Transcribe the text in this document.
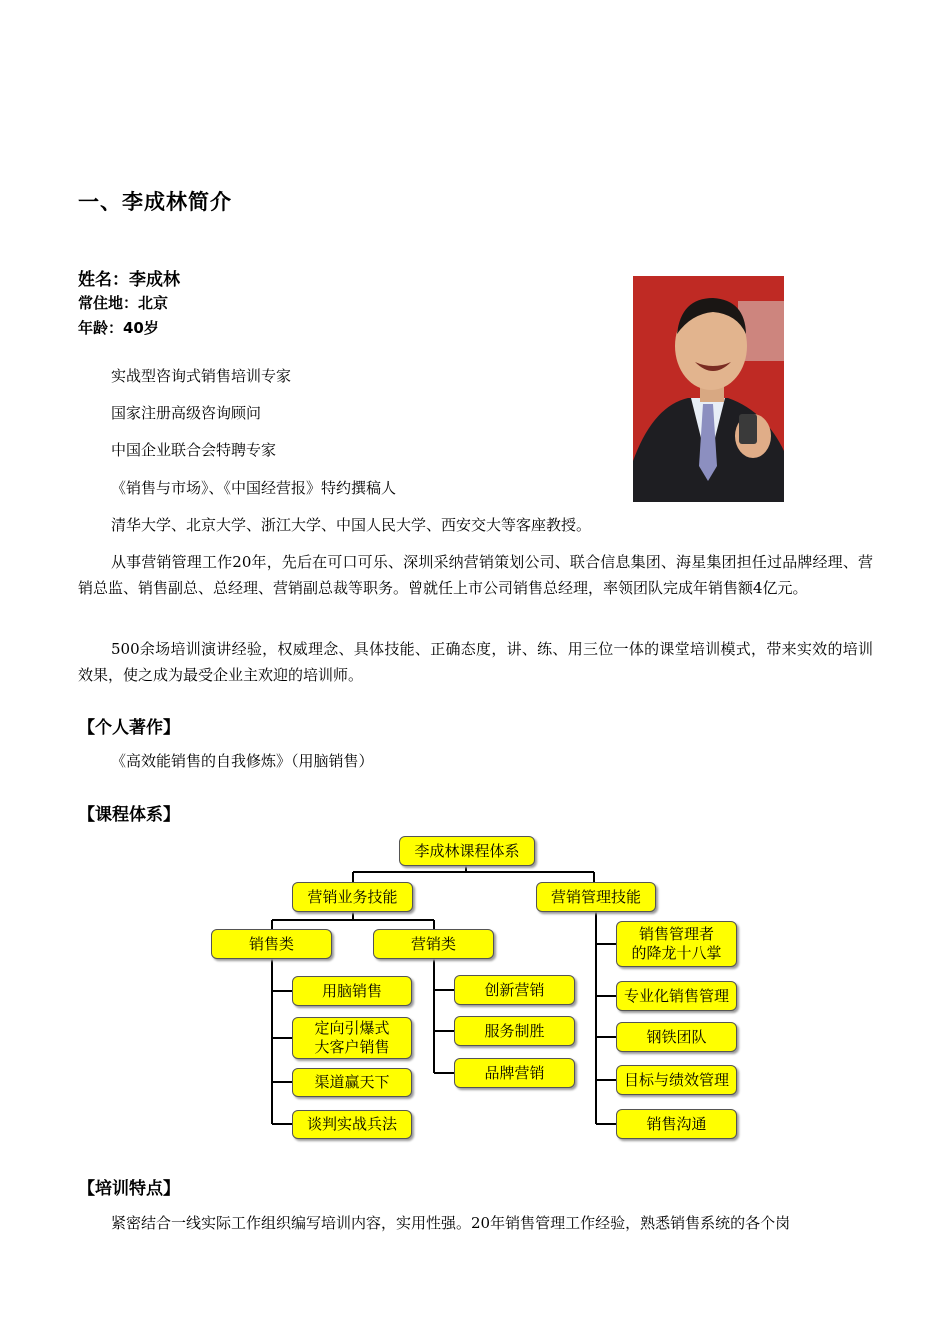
一、李成林简介
姓名：李成林
常住地：北京
年龄：40岁
实战型咨询式销售培训专家
国家注册高级咨询顾问
中国企业联合会特聘专家
《销售与市场》、《中国经营报》特约撰稿人
清华大学、北京大学、浙江大学、中国人民大学、西安交大等客座教授。
从事营销管理工作20年，先后在可口可乐、深圳采纳营销策划公司、联合信息集团、海星集团担任过品牌经理、营销总监、销售副总、总经理、营销副总裁等职务。曾就任上市公司销售总经理，率领团队完成年销售额4亿元。
500余场培训演讲经验，权威理念、具体技能、正确态度，讲、练、用三位一体的课堂培训模式，带来实效的培训效果，使之成为最受企业主欢迎的培训师。
【个人著作】
《高效能销售的自我修炼》（用脑销售）
【课程体系】
李成林课程体系
营销业务技能	营销管理技能
销售类	营销类
用脑销售
定向引爆式
大客户销售
渠道赢天下
谈判实战兵法
创新营销
服务制胜
品牌营销
销售管理者
的降龙十八掌
专业化销售管理
钢铁团队
目标与绩效管理
销售沟通
【培训特点】
紧密结合一线实际工作组织编写培训内容，实用性强。20年销售管理工作经验，熟悉销售系统的各个岗
